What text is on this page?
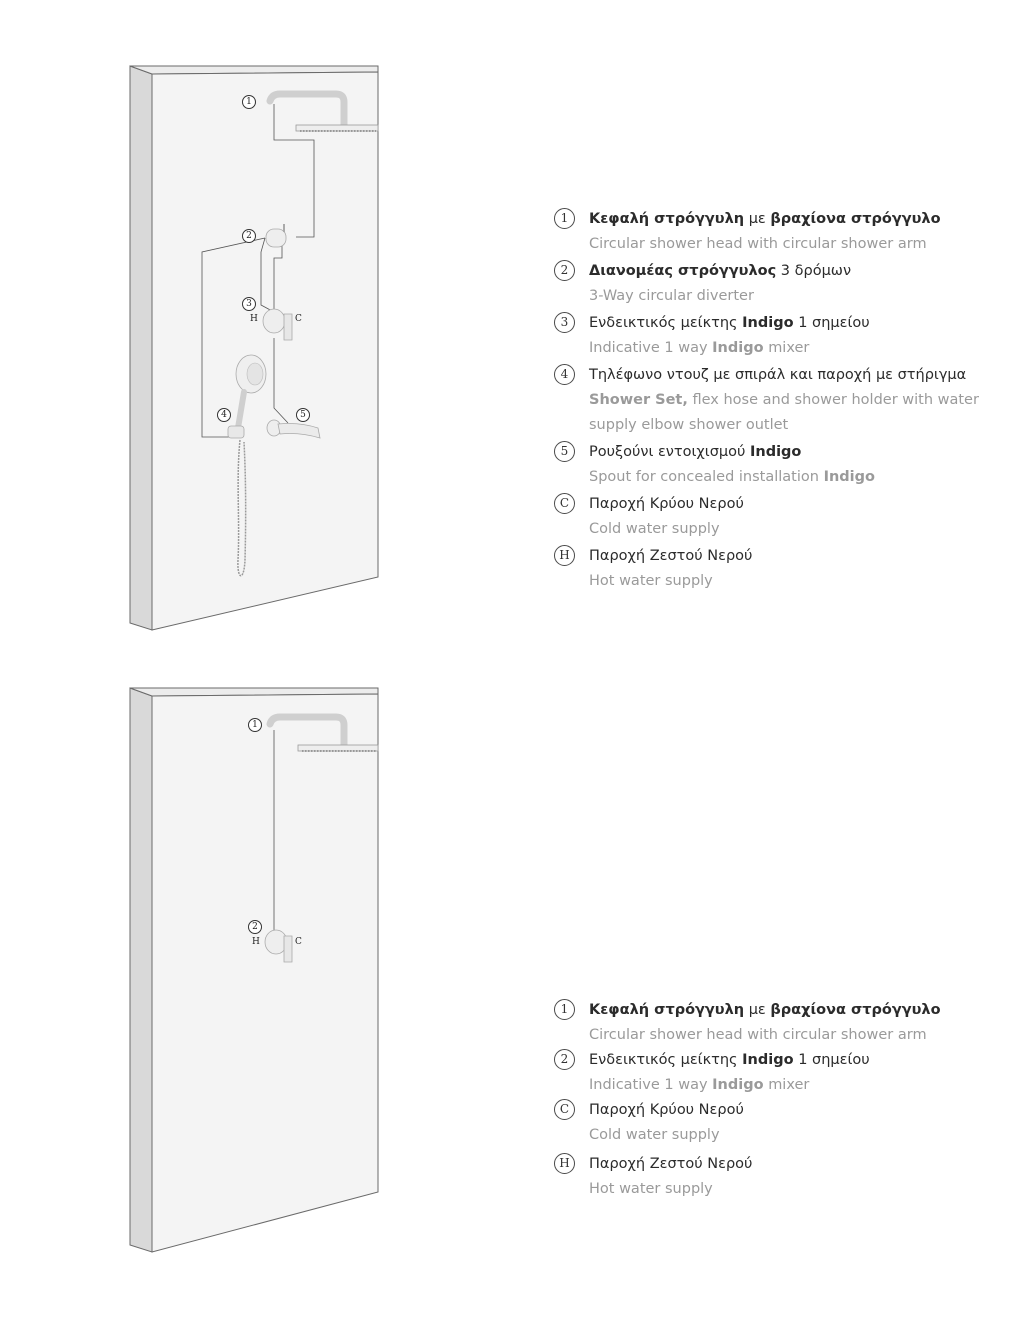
1
2
3
H	C
4	5
1	Κεφαλή στρόγγυλη με βραχίονα στρόγγυλο
Circular shower head with circular shower arm
2	Διανομέας στρόγγυλος 3 δρόμων
3-Way circular diverter
3	Ενδεικτικός μείκτης Indigo 1 σημείου
Indicative 1 way Indigo mixer
4	Τηλέφωνο ντουζ με σπιράλ και παροχή με στήριγμα
Shower Set, flex hose and shower holder with water
supply elbow shower outlet
5	Ρουξούνι εντοιχισμού Indigo
Spout for concealed installation Indigo
C	Παροχή Κρύου Νερού
Cold water supply
H	Παροχή Ζεστού Νερού
Hot water supply
1
2
H	C
1	Κεφαλή στρόγγυλη με βραχίονα στρόγγυλο
Circular shower head with circular shower arm
2	Ενδεικτικός μείκτης Indigo 1 σημείου
Indicative 1 way Indigo mixer
C	Παροχή Κρύου Νερού
Cold water supply
H	Παροχή Ζεστού Νερού
Hot water supply
